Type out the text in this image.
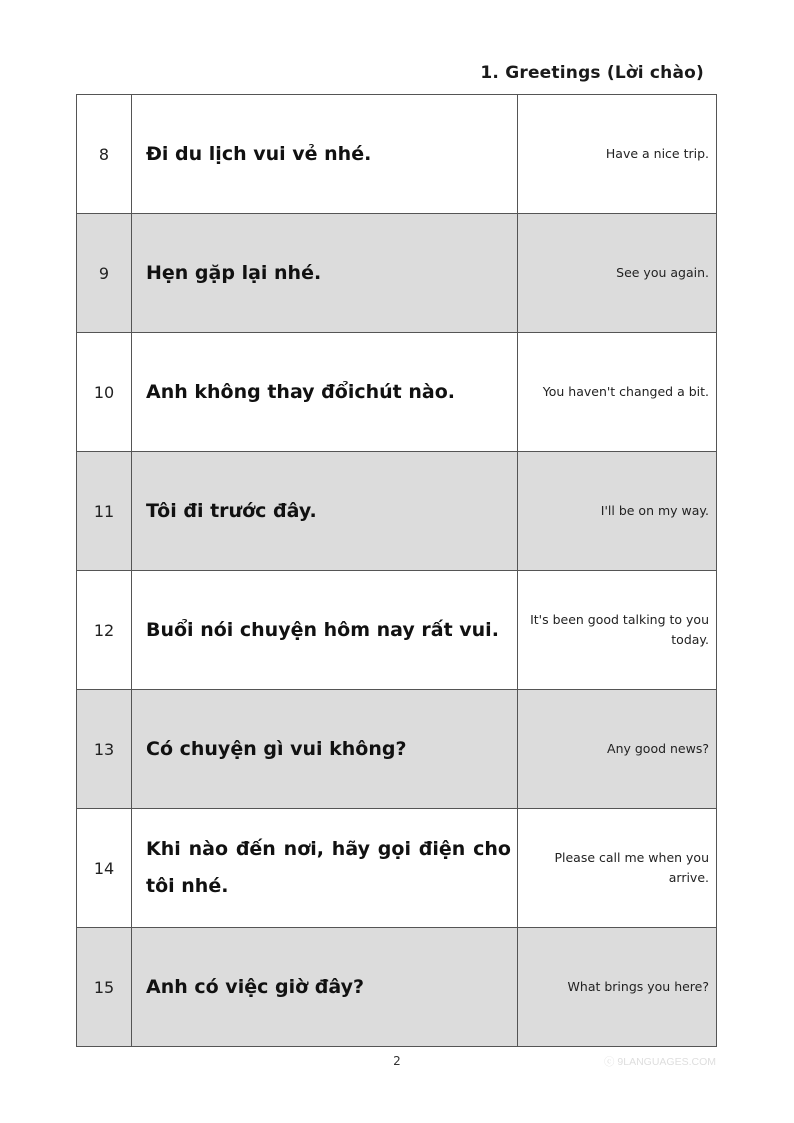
1. Greetings (Lời chào)
8	Đi du lịch vui vẻ nhé.	Have a nice trip.
9	Hẹn gặp lại nhé.	See you again.
10	Anh không thay đổichút nào.	You haven't changed a bit.
11	Tôi đi trước đây.	I'll be on my way.
12	Buổi nói chuyện hôm nay rất vui.	It's been good talking to you today.
13	Có chuyện gì vui không?	Any good news?
14	Khi nào đến nơi, hãy gọi điện cho tôi nhé.	Please call me when you arrive.
15	Anh có việc giờ đây?	What brings you here?
2	ⓒ 9LANGUAGES.COM
